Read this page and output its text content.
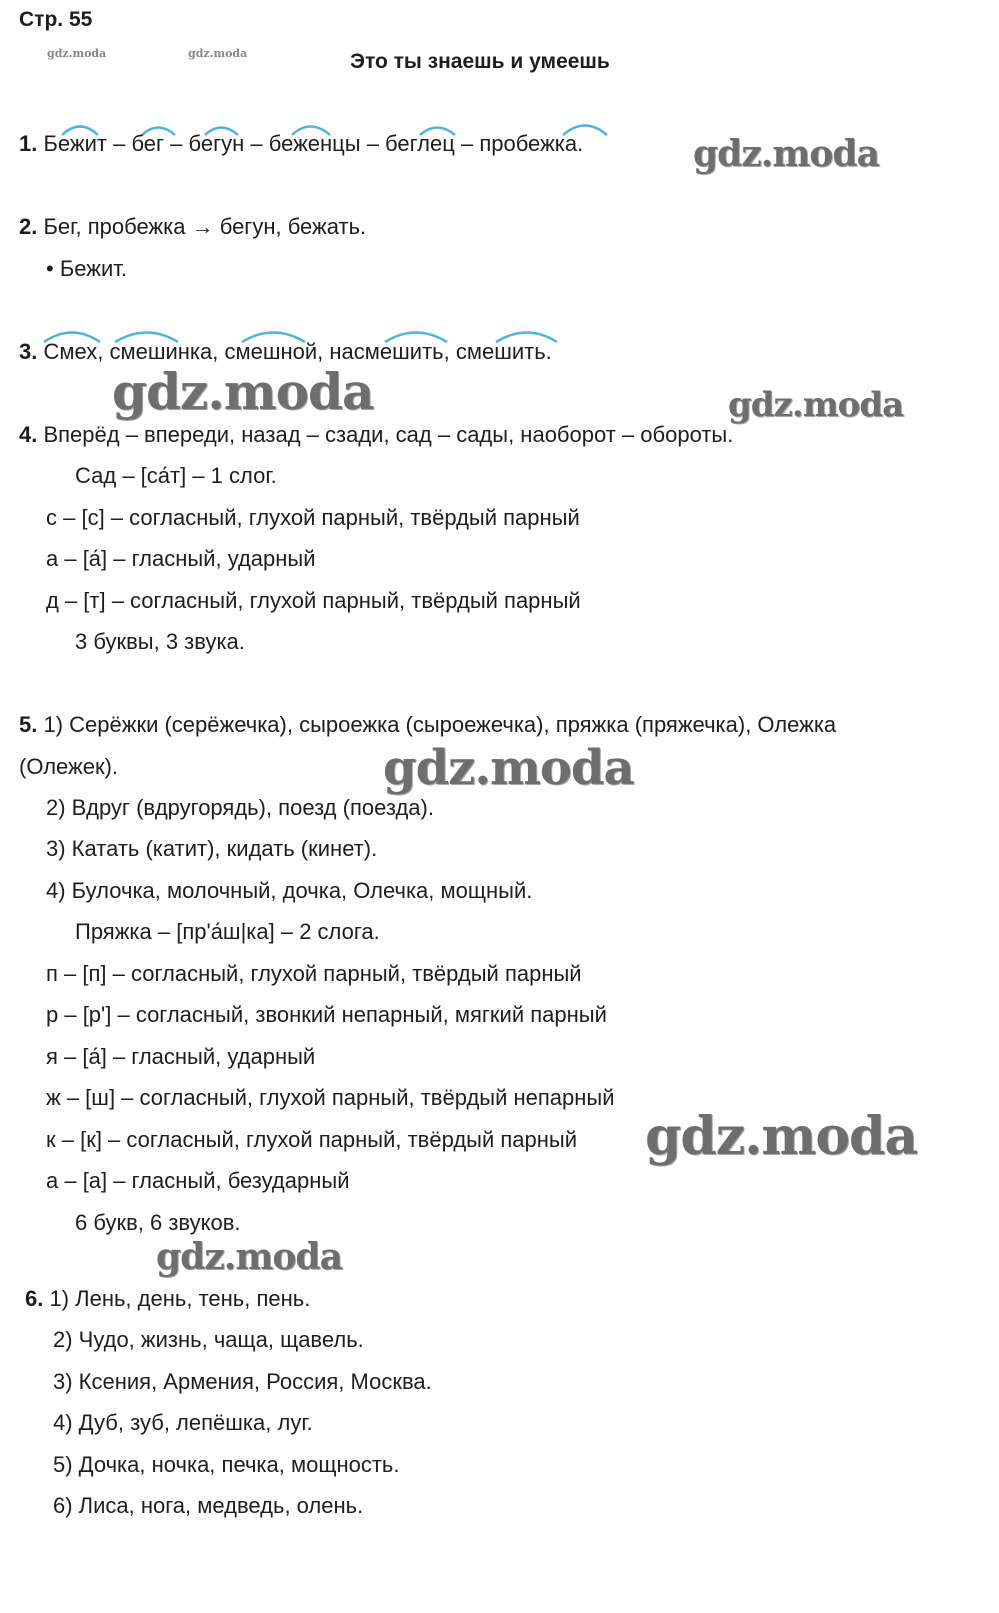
Стр. 55
Это ты знаешь и умеешь
gdz.moda	gdz.moda
1. Бежит – бег – бегун – беженцы – беглец – пробежка.	gdz.moda
2. Бег, пробежка → бегун, бежать.
• Бежит.
3. Смех, смешинка, смешной, насмешить, смешить.
gdz.moda	gdz.moda
4. Вперёд – впереди, назад – сзади, сад – сады, наоборот – обороты.
Сад – [са́т] – 1 слог.
с – [с] – согласный, глухой парный, твёрдый парный
а – [а́] – гласный, ударный
д – [т] – согласный, глухой парный, твёрдый парный
3 буквы, 3 звука.
5. 1) Серёжки (серёжечка), сыроежка (сыроежечка), пряжка (пряжечка), Олежка
(Олежек).	gdz.moda
2) Вдруг (вдругорядь), поезд (поезда).
3) Катать (катит), кидать (кинет).
4) Булочка, молочный, дочка, Олечка, мощный.
Пряжка – [пр'а́ш|ка] – 2 слога.
п – [п] – согласный, глухой парный, твёрдый парный
р – [р'] – согласный, звонкий непарный, мягкий парный
я – [а́] – гласный, ударный
ж – [ш] – согласный, глухой парный, твёрдый непарный
к – [к] – согласный, глухой парный, твёрдый парный gdz.moda
а – [а] – гласный, безударный
6 букв, 6 звуков.
gdz.moda
6. 1) Лень, день, тень, пень.
2) Чудо, жизнь, чаща, щавель.
3) Ксения, Армения, Россия, Москва.
4) Дуб, зуб, лепёшка, луг.
5) Дочка, ночка, печка, мощность.
6) Лиса, нога, медведь, олень.
